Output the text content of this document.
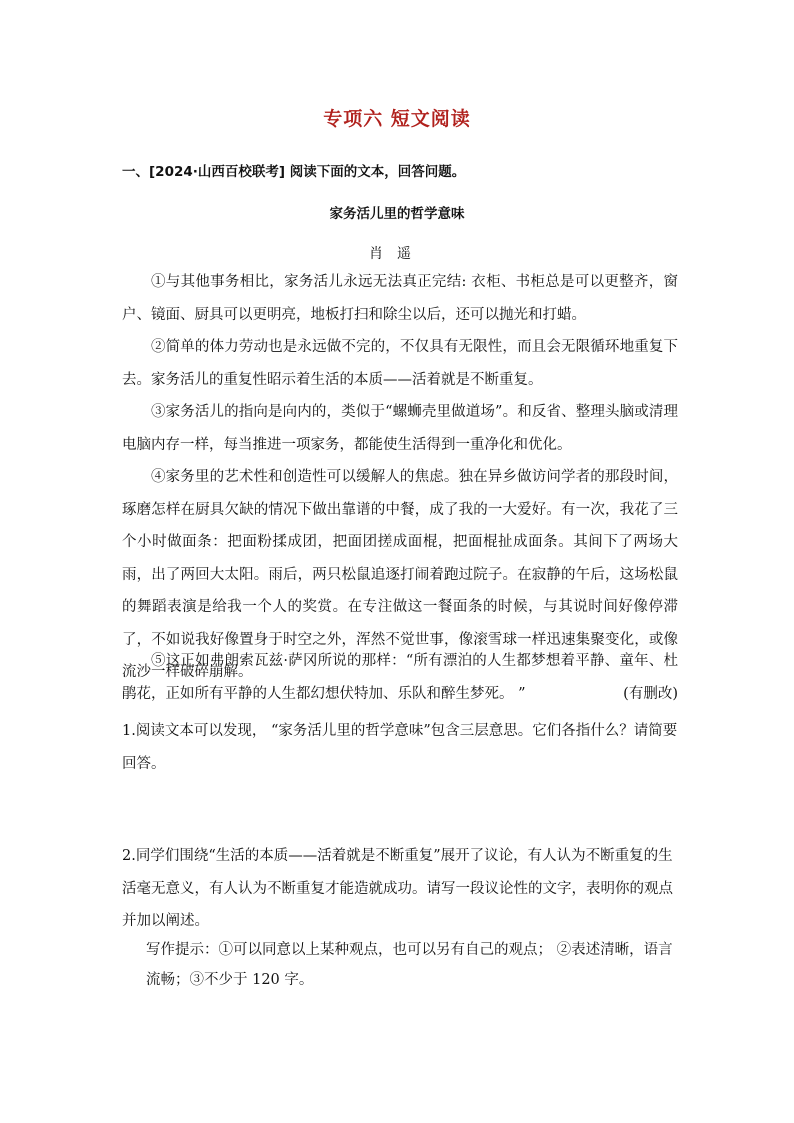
专项六 短文阅读
一、[2024·山西百校联考] 阅读下面的文本，回答问题。
家务活儿里的哲学意味
肖遥
①与其他事务相比，家务活儿永远无法真正完结: 衣柜、书柜总是可以更整齐，窗户、镜面、厨具可以更明亮，地板打扫和除尘以后，还可以抛光和打蜡。
②简单的体力劳动也是永远做不完的，不仅具有无限性，而且会无限循环地重复下去。家务活儿的重复性昭示着生活的本质——活着就是不断重复。
③家务活儿的指向是向内的，类似于“螺蛳壳里做道场”。和反省、整理头脑或清理电脑内存一样，每当推进一项家务，都能使生活得到一重净化和优化。
④家务里的艺术性和创造性可以缓解人的焦虑。独在异乡做访问学者的那段时间，琢磨怎样在厨具欠缺的情况下做出靠谱的中餐，成了我的一大爱好。有一次，我花了三个小时做面条：把面粉揉成团，把面团搓成面棍，把面棍扯成面条。其间下了两场大雨，出了两回大太阳。雨后，两只松鼠追逐打闹着跑过院子。在寂静的午后，这场松鼠的舞蹈表演是给我一个人的奖赏。在专注做这一餐面条的时候，与其说时间好像停滞了，不如说我好像置身于时空之外，浑然不觉世事，像滚雪球一样迅速集聚变化，或像流沙一样破碎崩解。
⑤这正如弗朗索瓦兹·萨冈所说的那样：“所有漂泊的人生都梦想着平静、童年、杜鹃花，正如所有平静的人生都幻想伏特加、乐队和醉生梦死。 ”	(有删改)
1.阅读文本可以发现， “家务活儿里的哲学意味”包含三层意思。它们各指什么？请简要回答。
2.同学们围绕“生活的本质——活着就是不断重复”展开了议论，有人认为不断重复的生活毫无意义，有人认为不断重复才能造就成功。请写一段议论性的文字，表明你的观点并加以阐述。
写作提示：①可以同意以上某种观点，也可以另有自己的观点； ②表述清晰，语言流畅；③不少于 120 字。
